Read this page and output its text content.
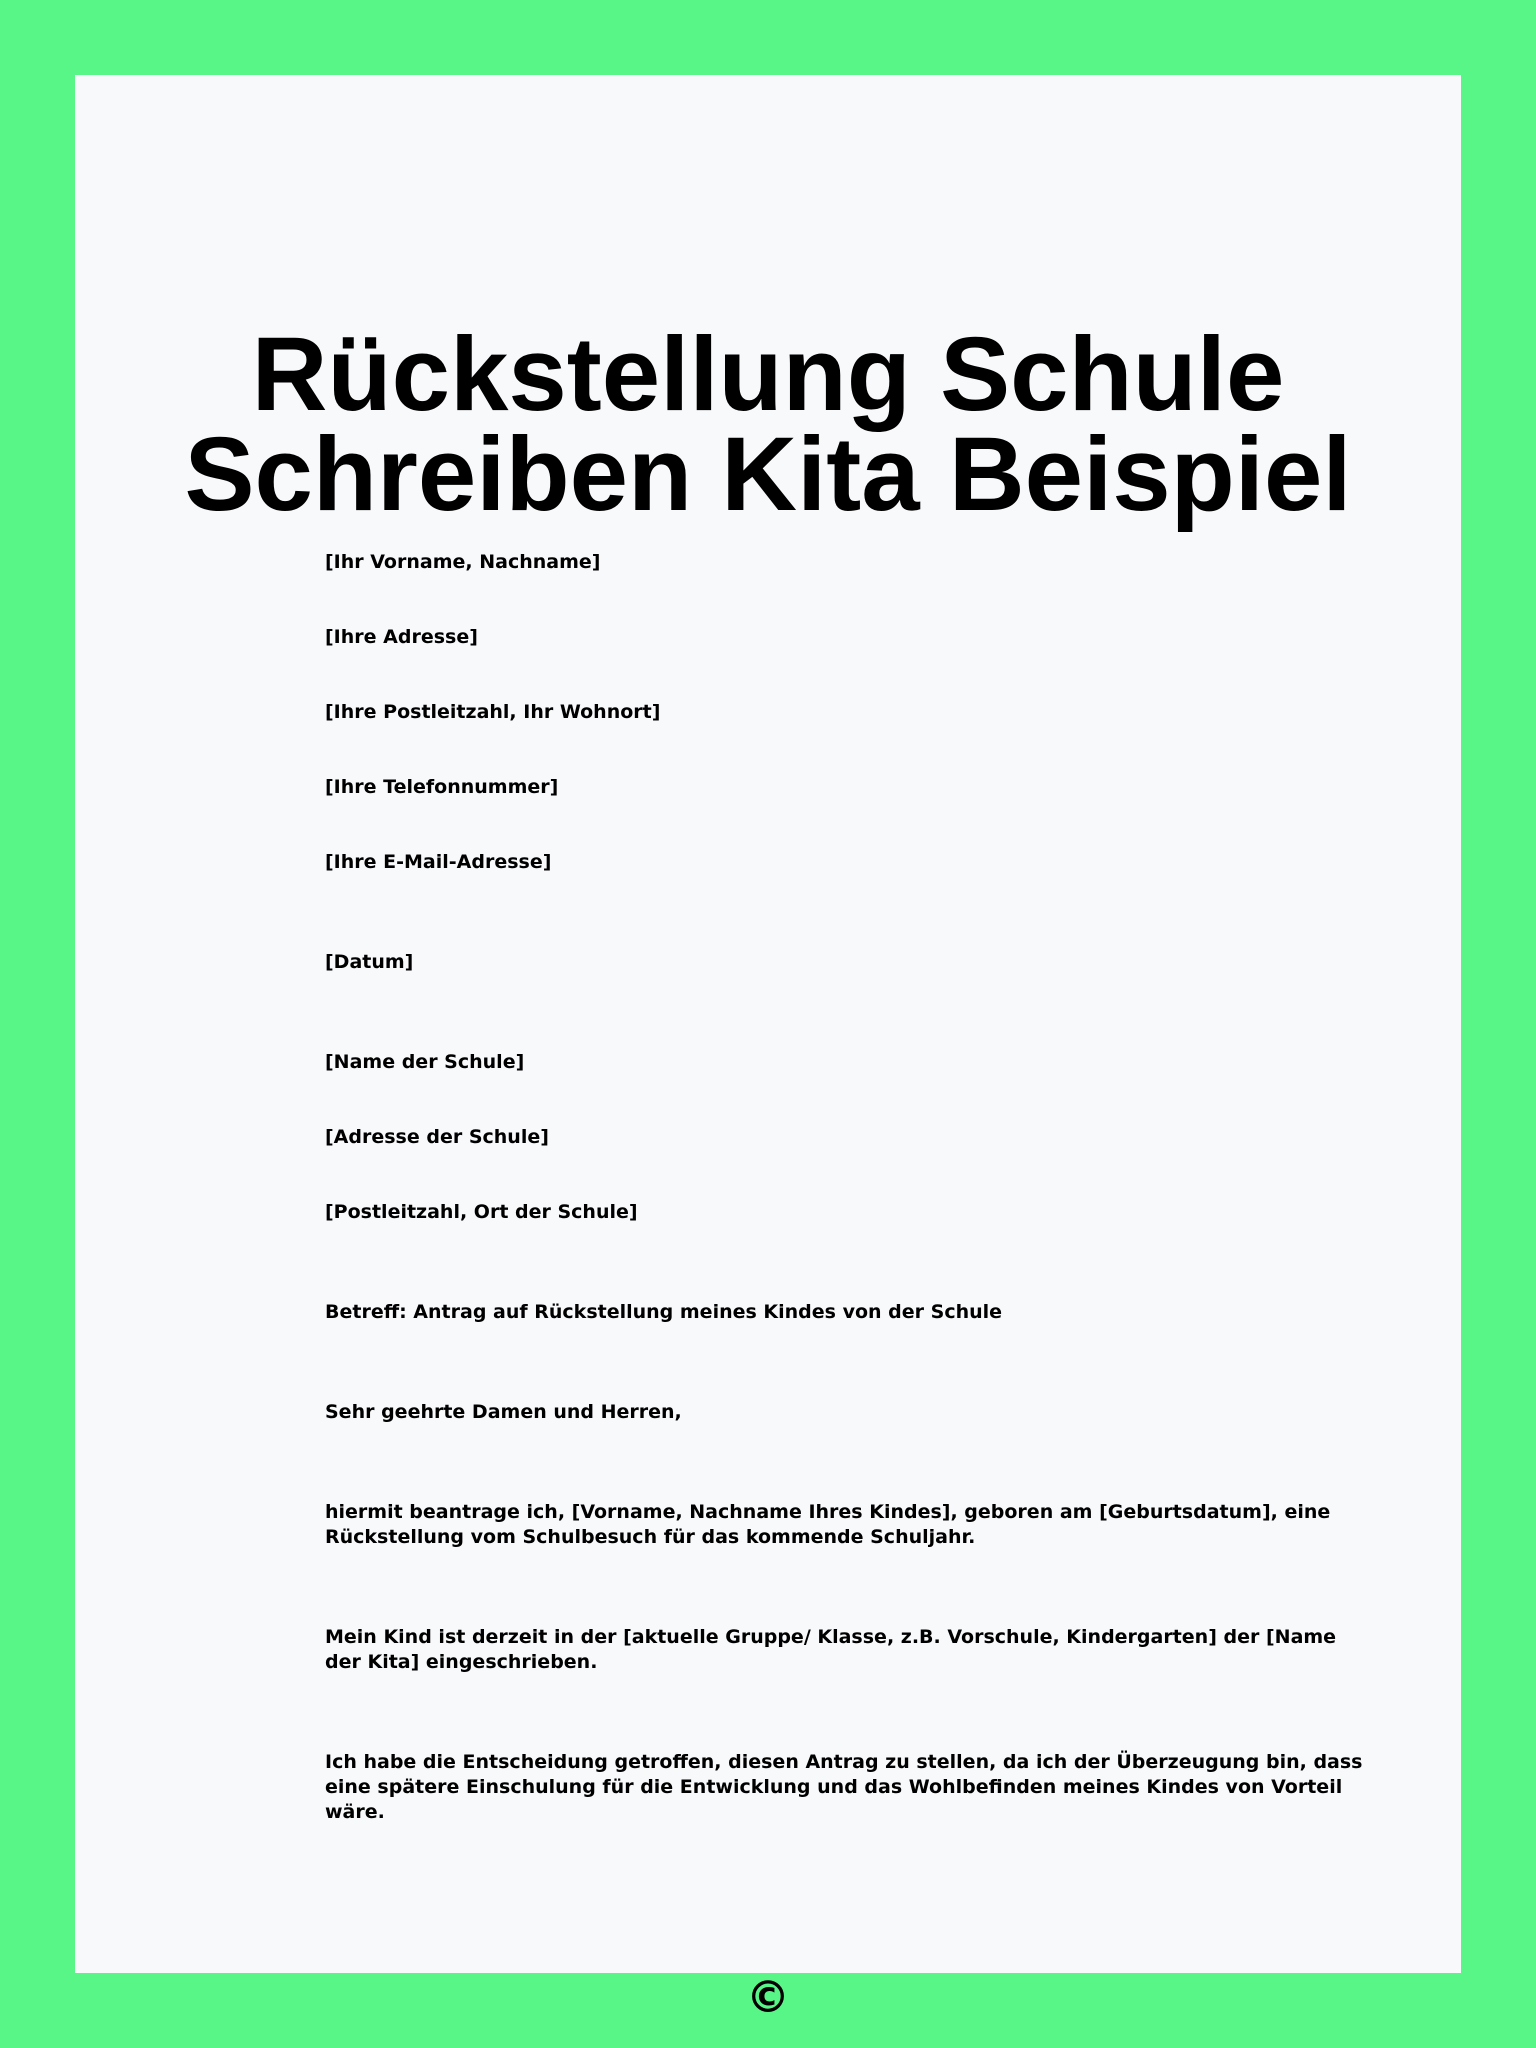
Rückstellung Schule
Schreiben Kita Beispiel

[Ihr Vorname, Nachname]

[Ihre Adresse]

[Ihre Postleitzahl, Ihr Wohnort]

[Ihre Telefonnummer]

[Ihre E-Mail-Adresse]

[Datum]

[Name der Schule]

[Adresse der Schule]

[Postleitzahl, Ort der Schule]

Betreff: Antrag auf Rückstellung meines Kindes von der Schule

Sehr geehrte Damen und Herren,

hiermit beantrage ich, [Vorname, Nachname Ihres Kindes], geboren am [Geburtsdatum], eine Rückstellung vom Schulbesuch für das kommende Schuljahr.

Mein Kind ist derzeit in der [aktuelle Gruppe/ Klasse, z.B. Vorschule, Kindergarten] der [Name der Kita] eingeschrieben.

Ich habe die Entscheidung getroffen, diesen Antrag zu stellen, da ich der Überzeugung bin, dass eine spätere Einschulung für die Entwicklung und das Wohlbefinden meines Kindes von Vorteil wäre.

©
